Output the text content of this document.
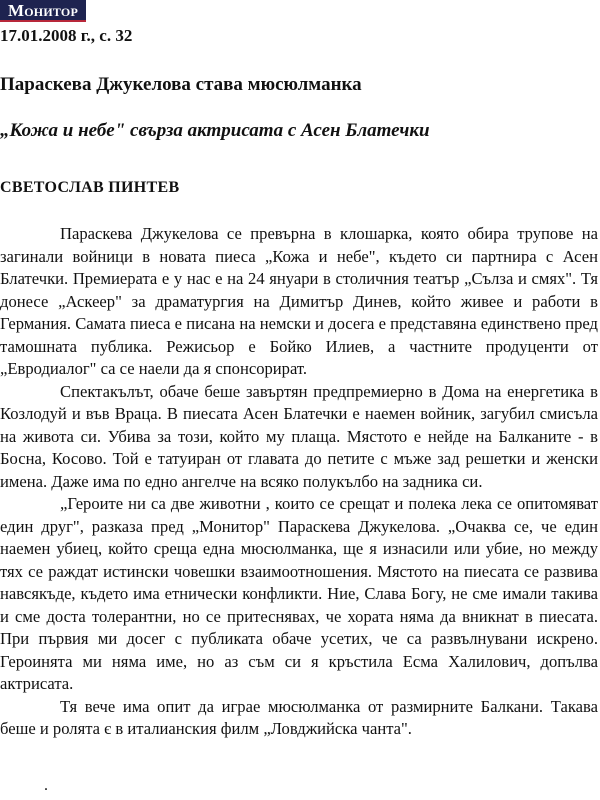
Монитор
17.01.2008 г., с. 32
Параскева Джукелова става мюсюлманка
„Кожа и небе" свърза актрисата с Асен Блатечки
СВЕТОСЛАВ ПИНТЕВ

Параскева Джукелова се превърна в клошарка, която обира трупове на загинали войници в новата пиеса „Кожа и небе", където си партнира с Асен Блатечки. Премиерата е у нас е на 24 януари в столичния театър „Сълза и смях". Тя донесе „Аскеер" за драматургия на Димитър Динев, който живее и работи в Германия. Самата пиеса е писана на немски и досега е представяна единствено пред тамошната публика. Режисьор е Бойко Илиев, а частните продуценти от „Евродиалог" са се наели да я спонсорират.

Спектакълът, обаче беше завъртян предпремиерно в Дома на енергетика в Козлодуй и във Враца. В пиесата Асен Блатечки е наемен войник, загубил смисъла на живота си. Убива за този, който му плаща. Мястото е нейде на Балканите - в Босна, Косово. Той е татуиран от главата до петите с мъже зад решетки и женски имена. Даже има по едно ангелче на всяко полукълбо на задника си.

„Героите ни са две животни , които се срещат и полека лека се опитомяват един друг", разказа пред „Монитор" Параскева Джукелова. „Очаква се, че един наемен убиец, който среща една мюсюлманка, ще я изнасили или убие, но между тях се раждат истински човешки взаимоотношения. Мястото на пиесата се развива навсякъде, където има етнически конфликти. Ние, Слава Богу, не сме имали такива и сме доста толерантни, но се притеснявах, че хората няма да вникнат в пиесата. При първия ми досег с публиката обаче усетих, че са развълнувани искрено. Героинята ми няма име, но аз съм си я кръстила Есма Халилович, допълва актрисата.

Тя вече има опит да играе мюсюлманка от размирните Балкани. Такава беше и ролята є в италианския филм „Ловджийска чанта".

.
